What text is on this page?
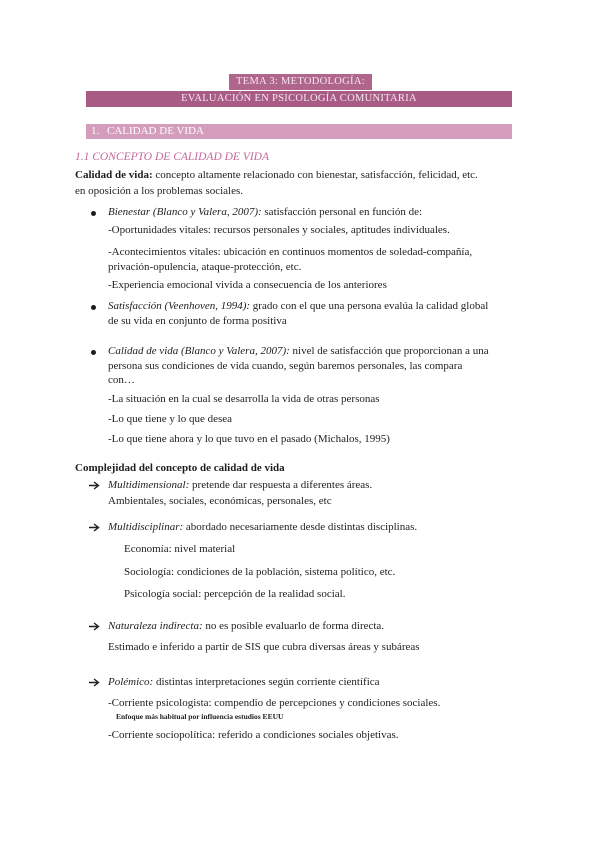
TEMA 3: METODOLOGÍA:
EVALUACIÓN EN PSICOLOGÍA COMUNITARIA
1. CALIDAD DE VIDA
1.1 CONCEPTO DE CALIDAD DE VIDA
Calidad de vida: concepto altamente relacionado con bienestar, satisfacción, felicidad, etc.
en oposición a los problemas sociales.
Bienestar (Blanco y Valera, 2007): satisfacción personal en función de:
-Oportunidades vitales: recursos personales y sociales, aptitudes individuales.
-Acontecimientos vitales: ubicación en continuos momentos de soledad-compañía,
privación-opulencia, ataque-protección, etc.
-Experiencia emocional vivida a consecuencia de los anteriores
Satisfacción (Veenhoven, 1994): grado con el que una persona evalúa la calidad global
de su vida en conjunto de forma positiva
Calidad de vida (Blanco y Valera, 2007): nivel de satisfacción que proporcionan a una
persona sus condiciones de vida cuando, según baremos personales, las compara
con…
-La situación en la cual se desarrolla la vida de otras personas
-Lo que tiene y lo que desea
-Lo que tiene ahora y lo que tuvo en el pasado (Michalos, 1995)
Complejidad del concepto de calidad de vida
Multidimensional: pretende dar respuesta a diferentes áreas.
Ambientales, sociales, económicas, personales, etc
Multidisciplinar: abordado necesariamente desde distintas disciplinas.
Economía: nivel material
Sociología: condiciones de la población, sistema político, etc.
Psicología social: percepción de la realidad social.
Naturaleza indirecta: no es posible evaluarlo de forma directa.
Estimado e inferido a partir de SIS que cubra diversas áreas y subáreas
Polémico: distintas interpretaciones según corriente científica
-Corriente psicologista: compendio de percepciones y condiciones sociales.
Enfoque más habitual por influencia estudios EEUU
-Corriente sociopolítica: referido a condiciones sociales objetivas.
